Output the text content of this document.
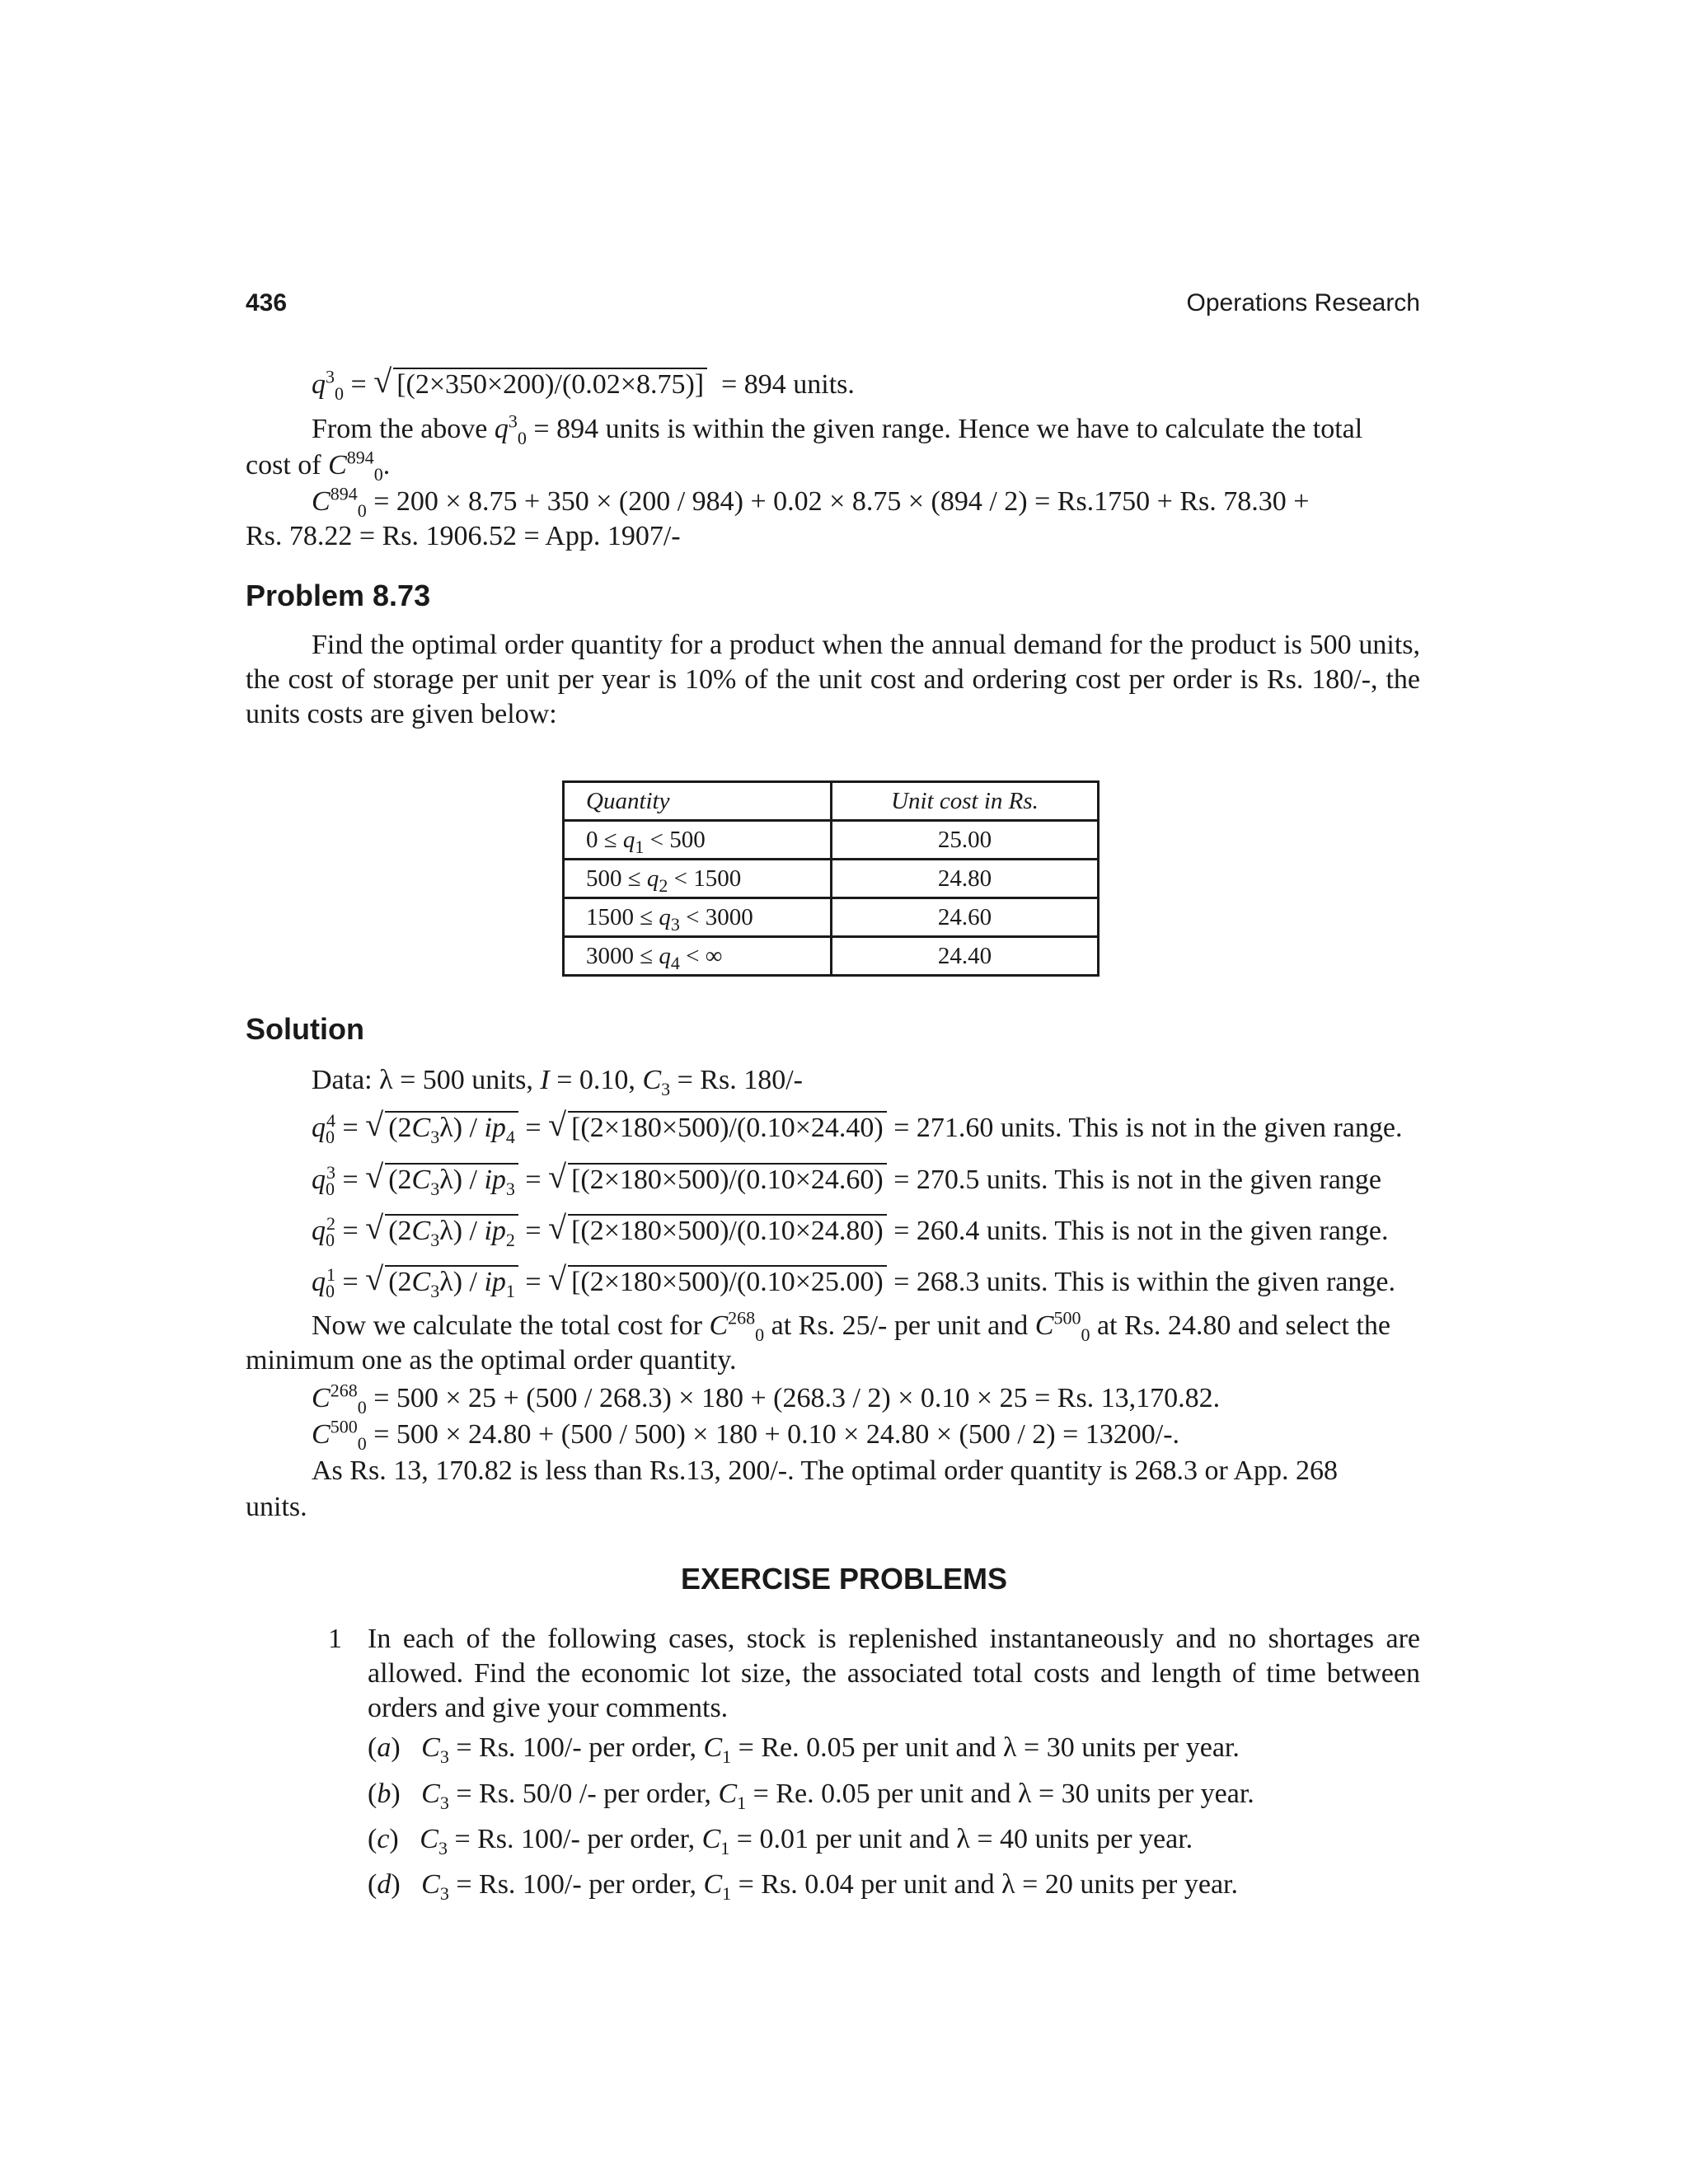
436	Operations Research
$q^3_0$ = √ [(2×350×200)/(0.02×8.75)] = 894 units.
From the above $q^3_0 = 894$ units is within the given range. Hence we have to calculate the total
cost of $C^{894}_0$.
$C^{894}_0 = 200 \times 8.75 + 350 \times (200 / 984) + 0.02 \times 8.75 \times (894 / 2) = Rs.1750 + Rs$. 78.30 +
Rs. 78.22 = Rs. 1906.52 = App. 1907/-
Problem 8.73
Find the optimal order quantity for a product when the annual demand for the product is 500 units, the cost of storage per unit per year is 10% of the unit cost and ordering cost per order is Rs. 180/-, the units costs are given below:
Quantity	Unit cost in Rs.
$0 \le q_1 < 500$	25.00
$500 \le q_2 < 1500$	24.80
$1500 \le q_3 < 3000$	24.60
$3000 \le q_4$ < ∞	24.40
Solution
Data: λ = 500 units, I = 0.10, $C_3 = Rs$. 180/-
$q_0^4$ = √ $(2C_3\lambda) / ip_4$ = √ [(2×180×500)/(0.10×24.40) = 271.60 units. This is not in the given range.
$q_0^3$ = √ $(2C_3\lambda) / ip_3$ = √ [(2×180×500)/(0.10×24.60) = 270.5 units. This is not in the given range
$q_0^2$ = √ $(2C_3\lambda) / ip_2$ = √ [(2×180×500)/(0.10×24.80) = 260.4 units. This is not in the given range.
$q_0^1$ = √ $(2C_3\lambda) / ip_1$ = √ [(2×180×500)/(0.10×25.00) = 268.3 units. This is within the given range.
Now we calculate the total cost for $C^{268}_0$ at Rs. 25/- per unit and $C^{500}_0$ at Rs. 24.80 and select the
minimum one as the optimal order quantity.
$C^{268}_0 = 500 \times 25 + (500 / 268.3) \times 180 + (268.3 / 2) \times 0.10 \times 25 = Rs$. 13,170.82.
$C^{500}_0 = 500 \times 24.80 + (500 / 500) \times 180 + 0.10 \times 24.80 \times (500 / 2) = 13200/-$.
As Rs. 13, 170.82 is less than Rs.13, 200/-. The optimal order quantity is 268.3 or App. 268
units.
EXERCISE PROBLEMS
1 In each of the following cases, stock is replenished instantaneously and no shortages are allowed. Find the economic lot size, the associated total costs and length of time between orders and give your comments.
(a)   $C_3 = Rs$. 100/- per order, $C_1 = Re$. 0.05 per unit and λ = 30 units per year.
(b)   $C_3 = Rs$. 50/0 /- per order, $C_1 = Re$. 0.05 per unit and λ = 30 units per year.
(c)   $C_3 = Rs$. 100/- per order, $C_1 = 0.01$ per unit and λ = 40 units per year.
(d)   $C_3 = Rs$. 100/- per order, $C_1 = Rs$. 0.04 per unit and λ = 20 units per year.
